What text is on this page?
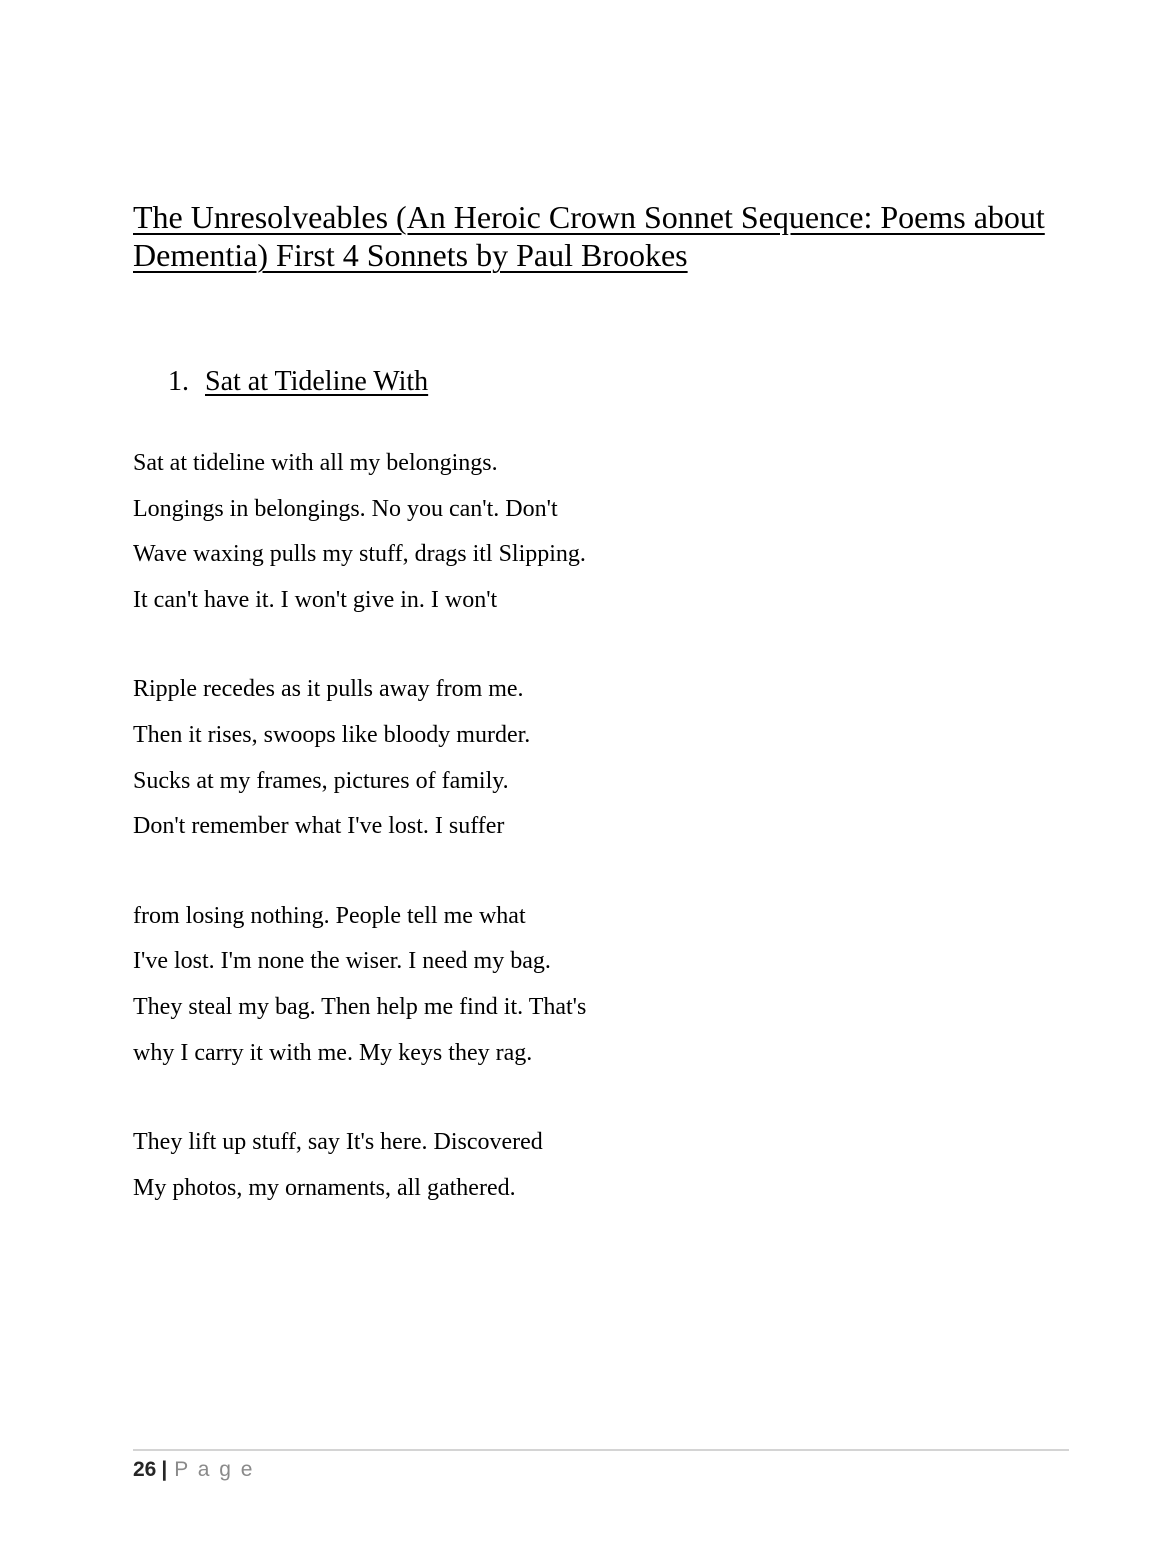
The Unresolveables (An Heroic Crown Sonnet Sequence: Poems about Dementia) First 4 Sonnets by Paul Brookes
1. Sat at Tideline With
Sat at tideline with all my belongings.
Longings in belongings. No you can't. Don't
Wave waxing pulls my stuff, drags itl Slipping.
It can't have it. I won't give in. I won't
Ripple recedes as it pulls away from me.
Then it rises, swoops like bloody murder.
Sucks at my frames, pictures of family.
Don't remember what I've lost. I suffer
from losing nothing. People tell me what
I've lost. I'm none the wiser. I need my bag.
They steal my bag. Then help me find it. That's
why I carry it with me. My keys they rag.
They lift up stuff, say It's here. Discovered
My photos, my ornaments, all gathered.
26 | P a g e
